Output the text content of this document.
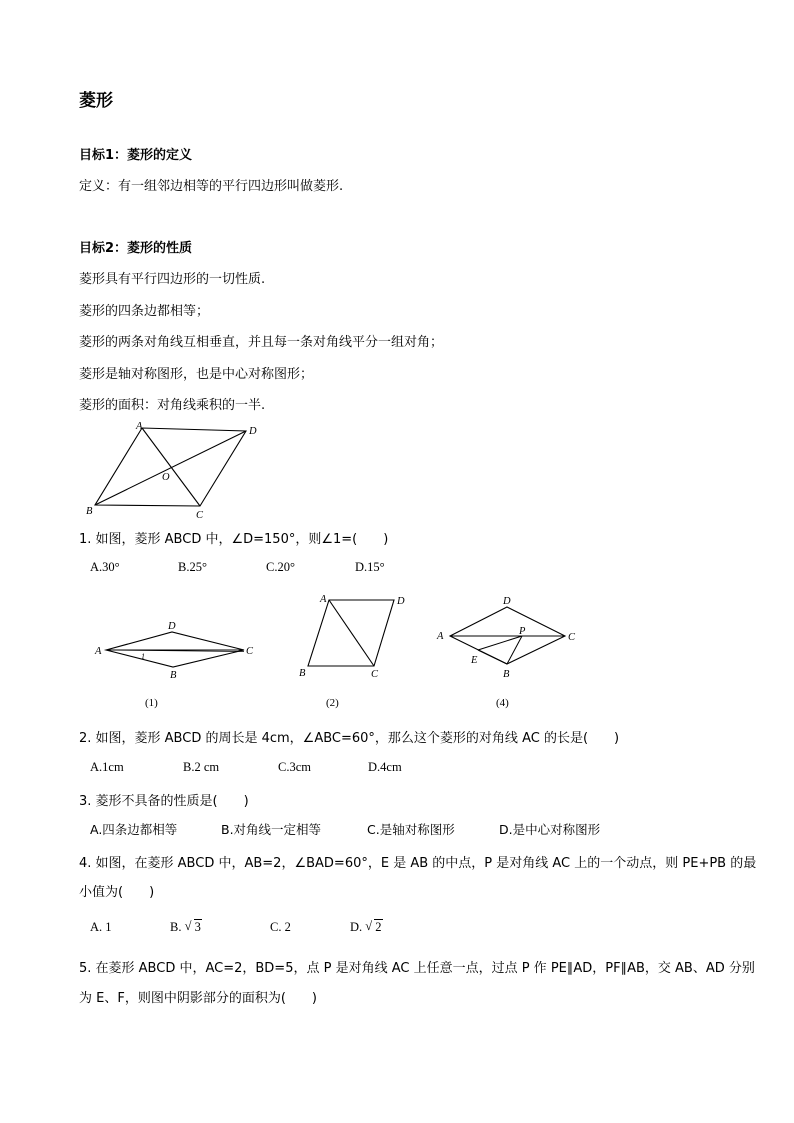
菱形
目标1：菱形的定义
定义：有一组邻边相等的平行四边形叫做菱形.
目标2：菱形的性质
菱形具有平行四边形的一切性质.
菱形的四条边都相等；
菱形的两条对角线互相垂直，并且每一条对角线平分一组对角；
菱形是轴对称图形，也是中心对称图形；
菱形的面积：对角线乘积的一半.
A	D
B	C
O
1. 如图，菱形 ABCD 中，∠D=150°，则∠1=(　　)
A.30°	B.25°	C.20°	D.15°
A
D
C
B
1
(1)
A	D
B	C
(2)
A
D
C
B
E
P
(4)
2. 如图，菱形 ABCD 的周长是 4cm，∠ABC=60°，那么这个菱形的对角线 AC 的长是(　　)
A.1cm	B.2 cm	C.3cm	D.4cm
3. 菱形不具备的性质是(　　)
A.四条边都相等	B.对角线一定相等	C.是轴对称图形	D.是中心对称图形
4. 如图，在菱形 ABCD 中，AB=2，∠BAD=60°，E 是 AB 的中点，P 是对角线 AC 上的一个动点，则 PE+PB 的最
小值为(　　)
A. 1	B. √ 3	C. 2	D. √ 2
5. 在菱形 ABCD 中，AC=2，BD=5，点 P 是对角线 AC 上任意一点，过点 P 作 PE∥AD，PF∥AB，交 AB、AD 分别
为 E、F，则图中阴影部分的面积为(　　)
